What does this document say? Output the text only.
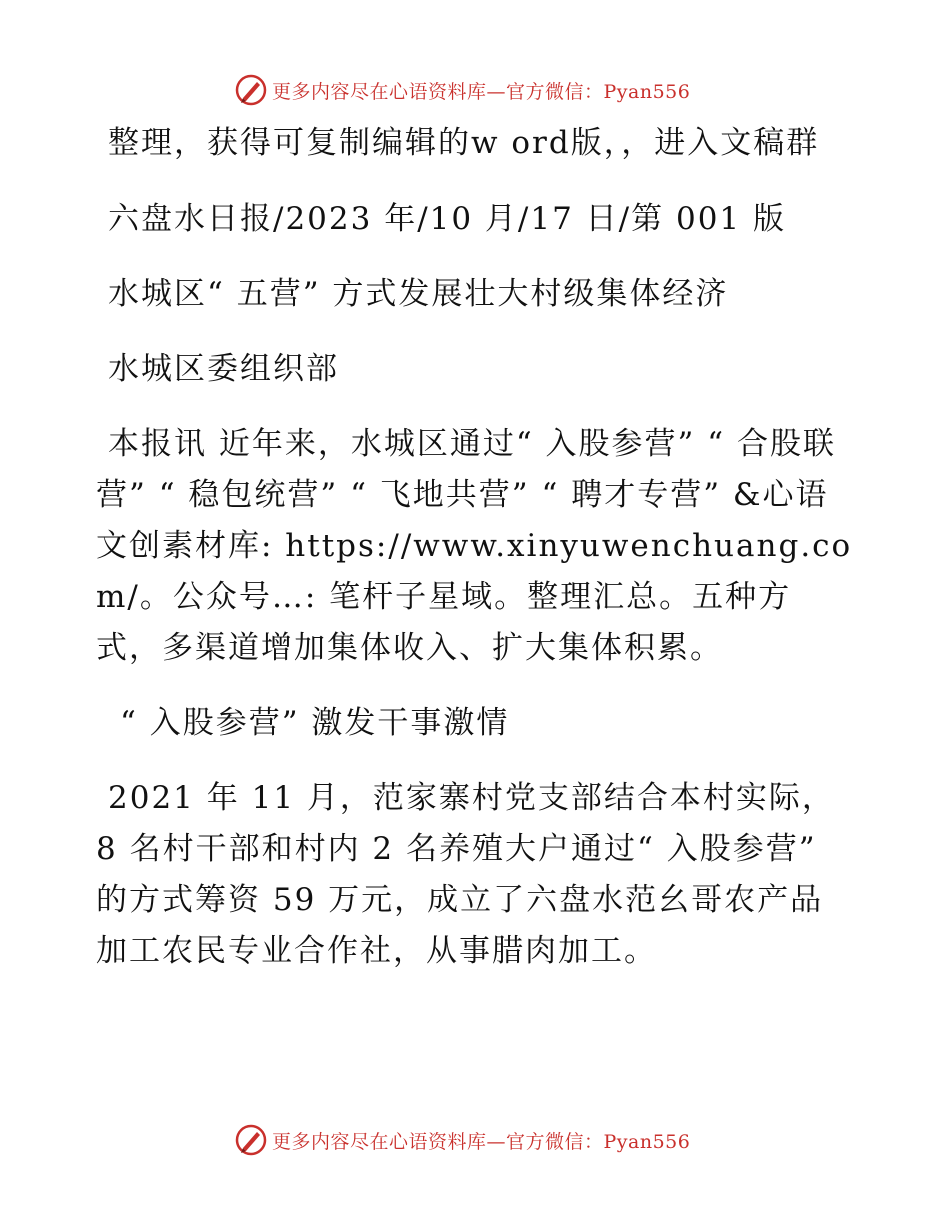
更多内容尽在心语资料库—官方微信：Pyan556

整理，获得可复制编辑的w ord版，，进入文稿群

六盘水日报/2023 年/10 月/17 日/第 001 版

水城区“ 五营” 方式发展壮大村级集体经济

水城区委组织部

本报讯 近年来，水城区通过“ 入股参营” “ 合股联营” “ 稳包统营” “ 飞地共营” “ 聘才专营” &心语文创素材库: https://www.xinyuwenchuang.com/。公众号…: 笔杆子星域。整理汇总。五种方式，多渠道增加集体收入、扩大集体积累。

“ 入股参营” 激发干事激情

2021 年 11 月，范家寨村党支部结合本村实际，8 名村干部和村内 2 名养殖大户通过“ 入股参营” 的方式筹资 59 万元，成立了六盘水范幺哥农产品加工农民专业合作社，从事腊肉加工。

更多内容尽在心语资料库—官方微信：Pyan556
